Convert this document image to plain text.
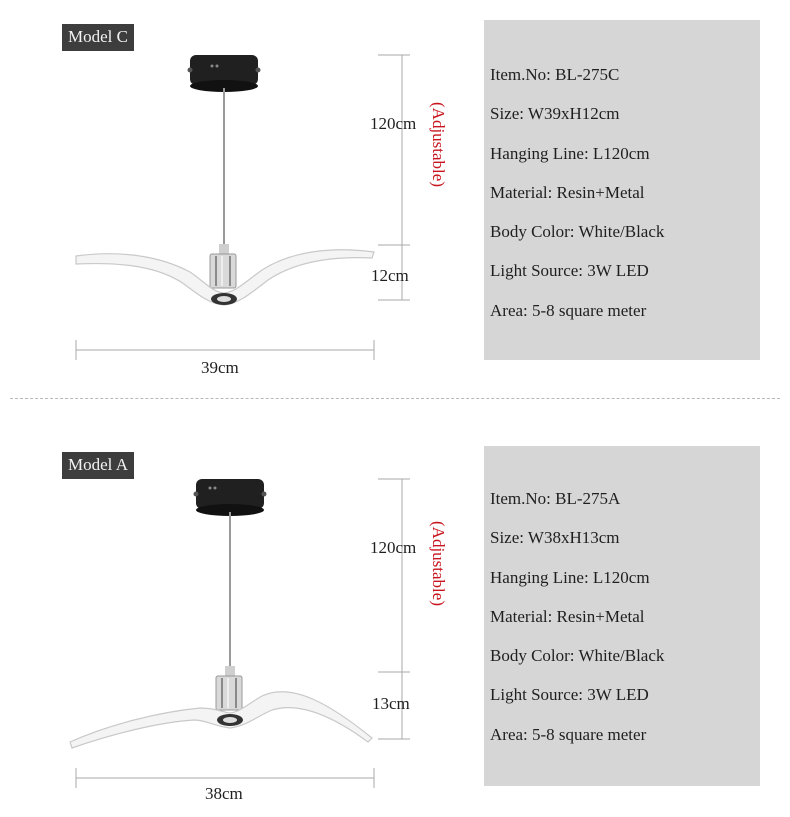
Model C
120cm (Adjustable)
12cm
39cm
Item.No: BL-275C
Size: W39xH12cm
Hanging Line: L120cm
Material: Resin+Metal
Body Color: White/Black
Light Source: 3W LED
Area: 5-8 square meter
Model A
120cm (Adjustable)
13cm
38cm
Item.No: BL-275A
Size: W38xH13cm
Hanging Line: L120cm
Material: Resin+Metal
Body Color: White/Black
Light Source: 3W LED
Area: 5-8 square meter
